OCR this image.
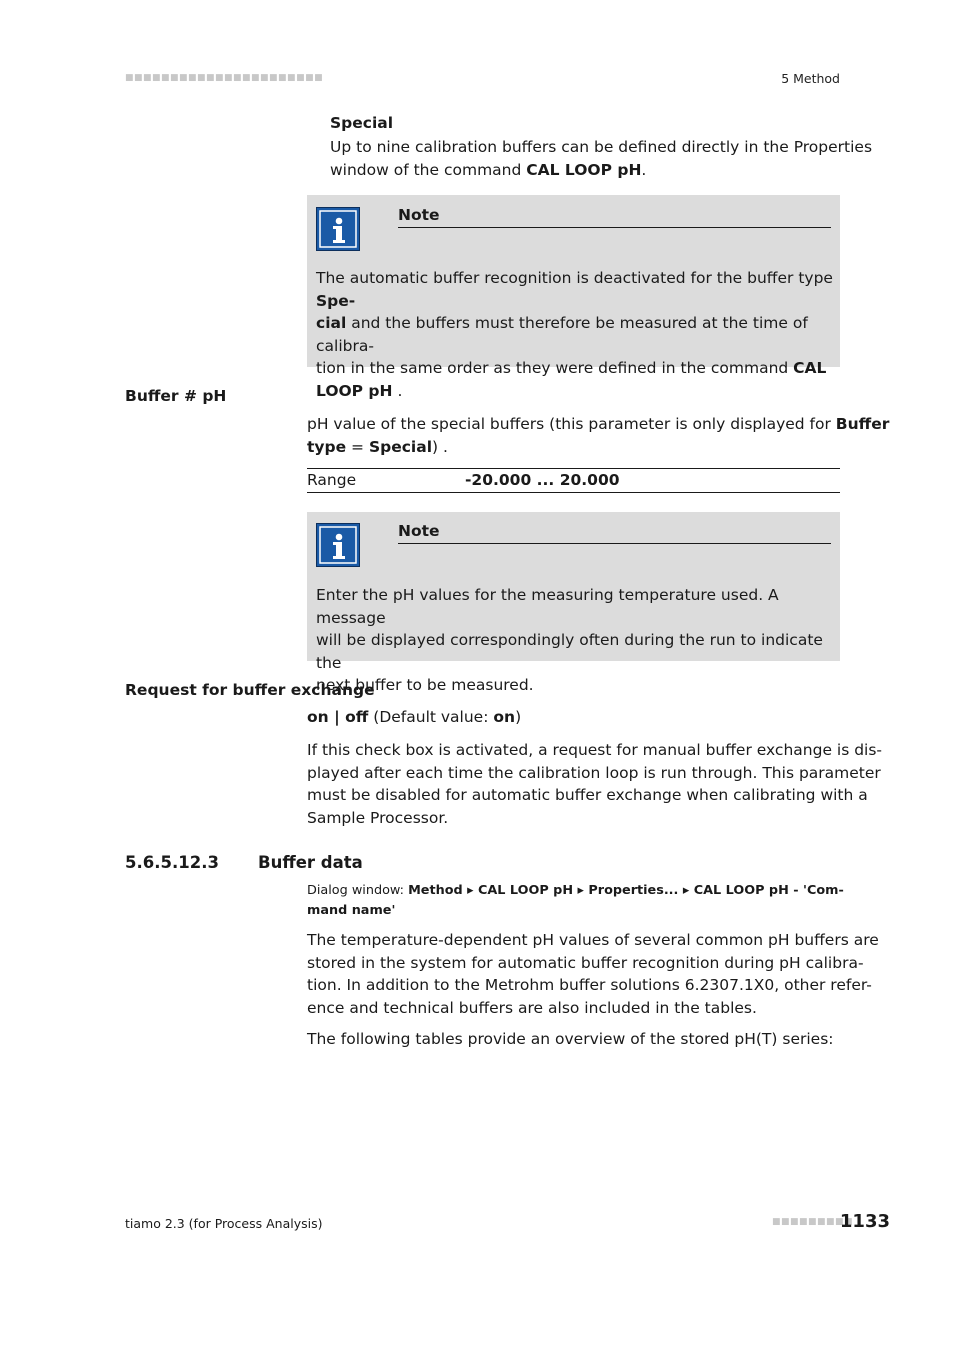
■■■■■■■■■■■■■■■■■■■■■■	5 Method
Special
Up to nine calibration buffers can be defined directly in the Properties
window of the command CAL LOOP pH.
Note
The automatic buffer recognition is deactivated for the buffer type Spe-
cial and the buffers must therefore be measured at the time of calibra-
tion in the same order as they were defined in the command CAL
LOOP pH .
Buffer # pH
pH value of the special buffers (this parameter is only displayed for Buffer
type = Special) .
Range	-20.000 ... 20.000
Note
Enter the pH values for the measuring temperature used. A message
will be displayed correspondingly often during the run to indicate the
next buffer to be measured.
Request for buffer exchange
on | off (Default value: on)
If this check box is activated, a request for manual buffer exchange is dis-
played after each time the calibration loop is run through. This parameter
must be disabled for automatic buffer exchange when calibrating with a
Sample Processor.
5.6.5.12.3 Buffer data
Dialog window: Method ▸ CAL LOOP pH ▸ Properties... ▸ CAL LOOP pH - 'Com-
mand name'
The temperature-dependent pH values of several common pH buffers are
stored in the system for automatic buffer recognition during pH calibra-
tion. In addition to the Metrohm buffer solutions 6.2307.1X0, other refer-
ence and technical buffers are also included in the tables.
The following tables provide an overview of the stored pH(T) series:
tiamo 2.3 (for Process Analysis)	■■■■■■■■■
1133
